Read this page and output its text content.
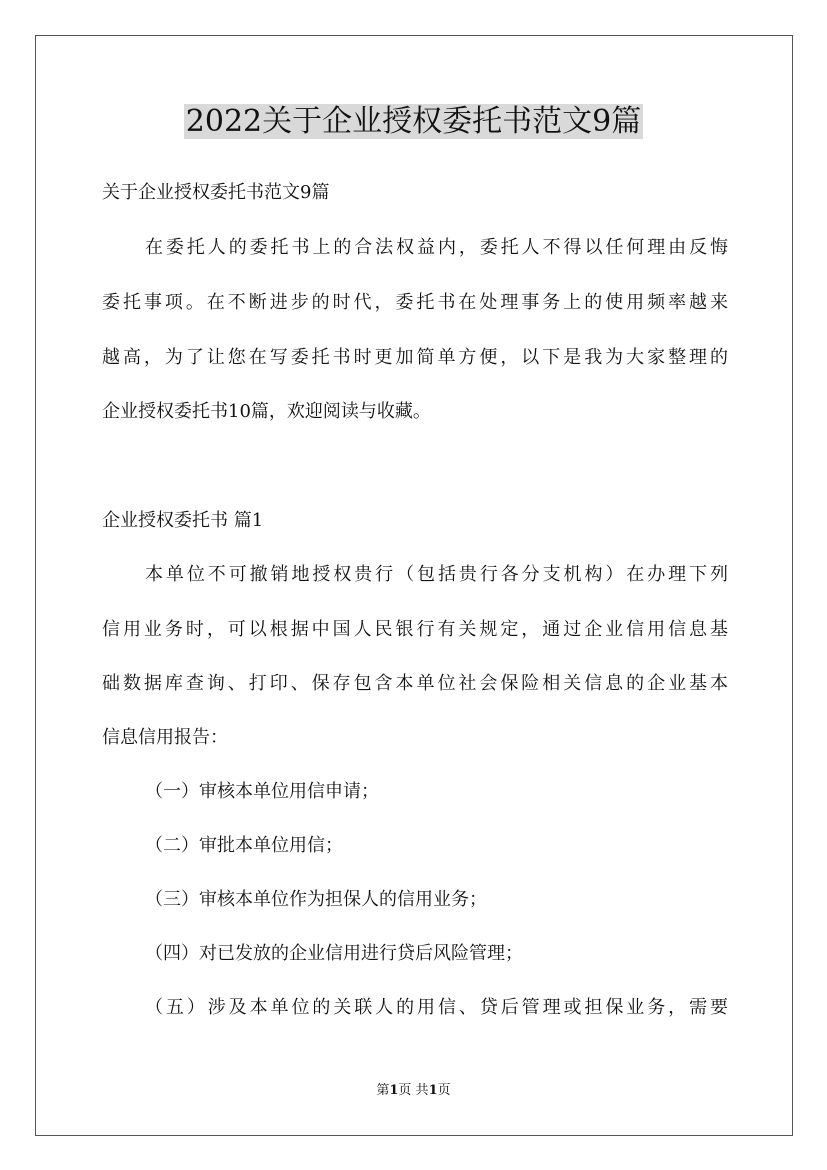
2022关于企业授权委托书范文9篇

关于企业授权委托书范文9篇

在委托人的委托书上的合法权益内，委托人不得以任何理由反悔

委托事项。在不断进步的时代，委托书在处理事务上的使用频率越来

越高，为了让您在写委托书时更加简单方便，以下是我为大家整理的

企业授权委托书10篇，欢迎阅读与收藏。

企业授权委托书 篇1

本单位不可撤销地授权贵行（包括贵行各分支机构）在办理下列

信用业务时，可以根据中国人民银行有关规定，通过企业信用信息基

础数据库查询、打印、保存包含本单位社会保险相关信息的企业基本

信息信用报告：

（一）审核本单位用信申请；

（二）审批本单位用信；

（三）审核本单位作为担保人的信用业务；

（四）对已发放的企业信用进行贷后风险管理；

（五）涉及本单位的关联人的用信、贷后管理或担保业务，需要

第1页 共1页
